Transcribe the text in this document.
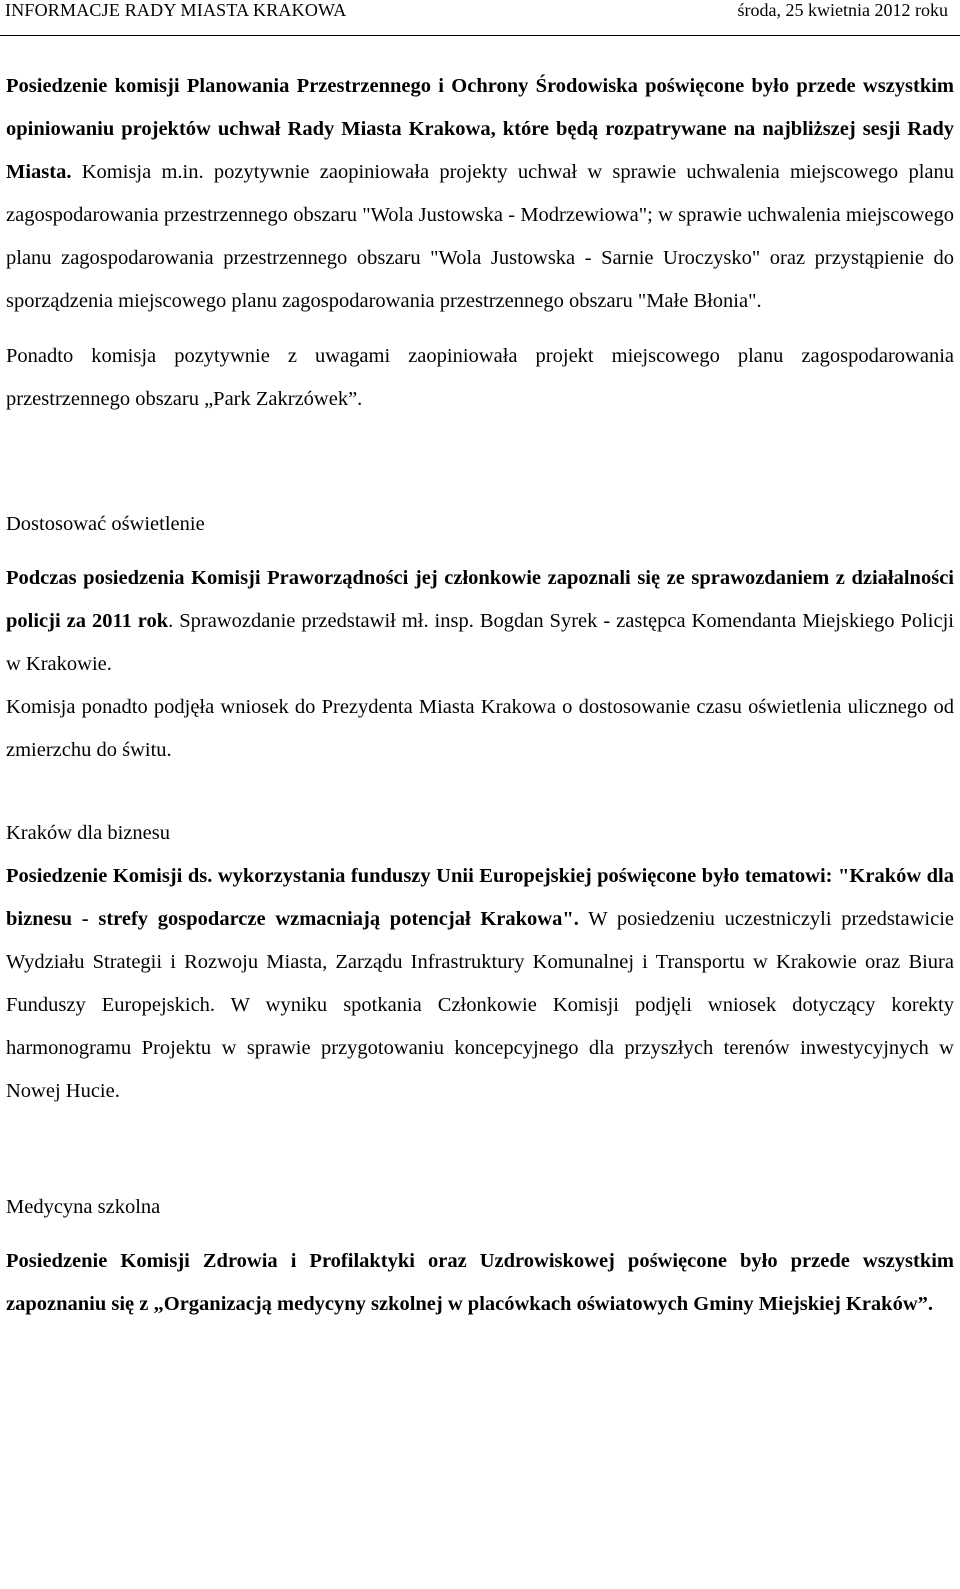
INFORMACJE RADY MIASTA KRAKOWA	środa, 25 kwietnia 2012 roku

Posiedzenie komisji Planowania Przestrzennego i Ochrony Środowiska poświęcone było przede wszystkim opiniowaniu projektów uchwał Rady Miasta Krakowa, które będą rozpatrywane na najbliższej sesji Rady Miasta. Komisja m.in. pozytywnie zaopiniowała projekty uchwał w sprawie uchwalenia miejscowego planu zagospodarowania przestrzennego obszaru "Wola Justowska - Modrzewiowa"; w sprawie uchwalenia miejscowego planu zagospodarowania przestrzennego obszaru "Wola Justowska - Sarnie Uroczysko" oraz przystąpienie do sporządzenia miejscowego planu zagospodarowania przestrzennego obszaru "Małe Błonia".

Ponadto komisja pozytywnie z uwagami zaopiniowała projekt miejscowego planu zagospodarowania przestrzennego obszaru „Park Zakrzówek”.

Dostosować oświetlenie

Podczas posiedzenia Komisji Praworządności jej członkowie zapoznali się ze sprawozdaniem z działalności policji za 2011 rok. Sprawozdanie przedstawił mł. insp. Bogdan Syrek - zastępca Komendanta Miejskiego Policji w Krakowie.

Komisja ponadto podjęła wniosek do Prezydenta Miasta Krakowa o dostosowanie czasu oświetlenia ulicznego od zmierzchu do świtu.

Kraków dla biznesu

Posiedzenie Komisji ds. wykorzystania funduszy Unii Europejskiej poświęcone było tematowi: "Kraków dla biznesu - strefy gospodarcze wzmacniają potencjał Krakowa". W posiedzeniu uczestniczyli przedstawicie Wydziału Strategii i Rozwoju Miasta, Zarządu Infrastruktury Komunalnej i Transportu w Krakowie oraz Biura Funduszy Europejskich. W wyniku spotkania Członkowie Komisji podjęli wniosek dotyczący korekty harmonogramu Projektu w sprawie przygotowaniu koncepcyjnego dla przyszłych terenów inwestycyjnych w Nowej Hucie.

Medycyna szkolna

Posiedzenie Komisji Zdrowia i Profilaktyki oraz Uzdrowiskowej poświęcone było przede wszystkim zapoznaniu się z „Organizacją medycyny szkolnej w placówkach oświatowych Gminy Miejskiej Kraków”.
